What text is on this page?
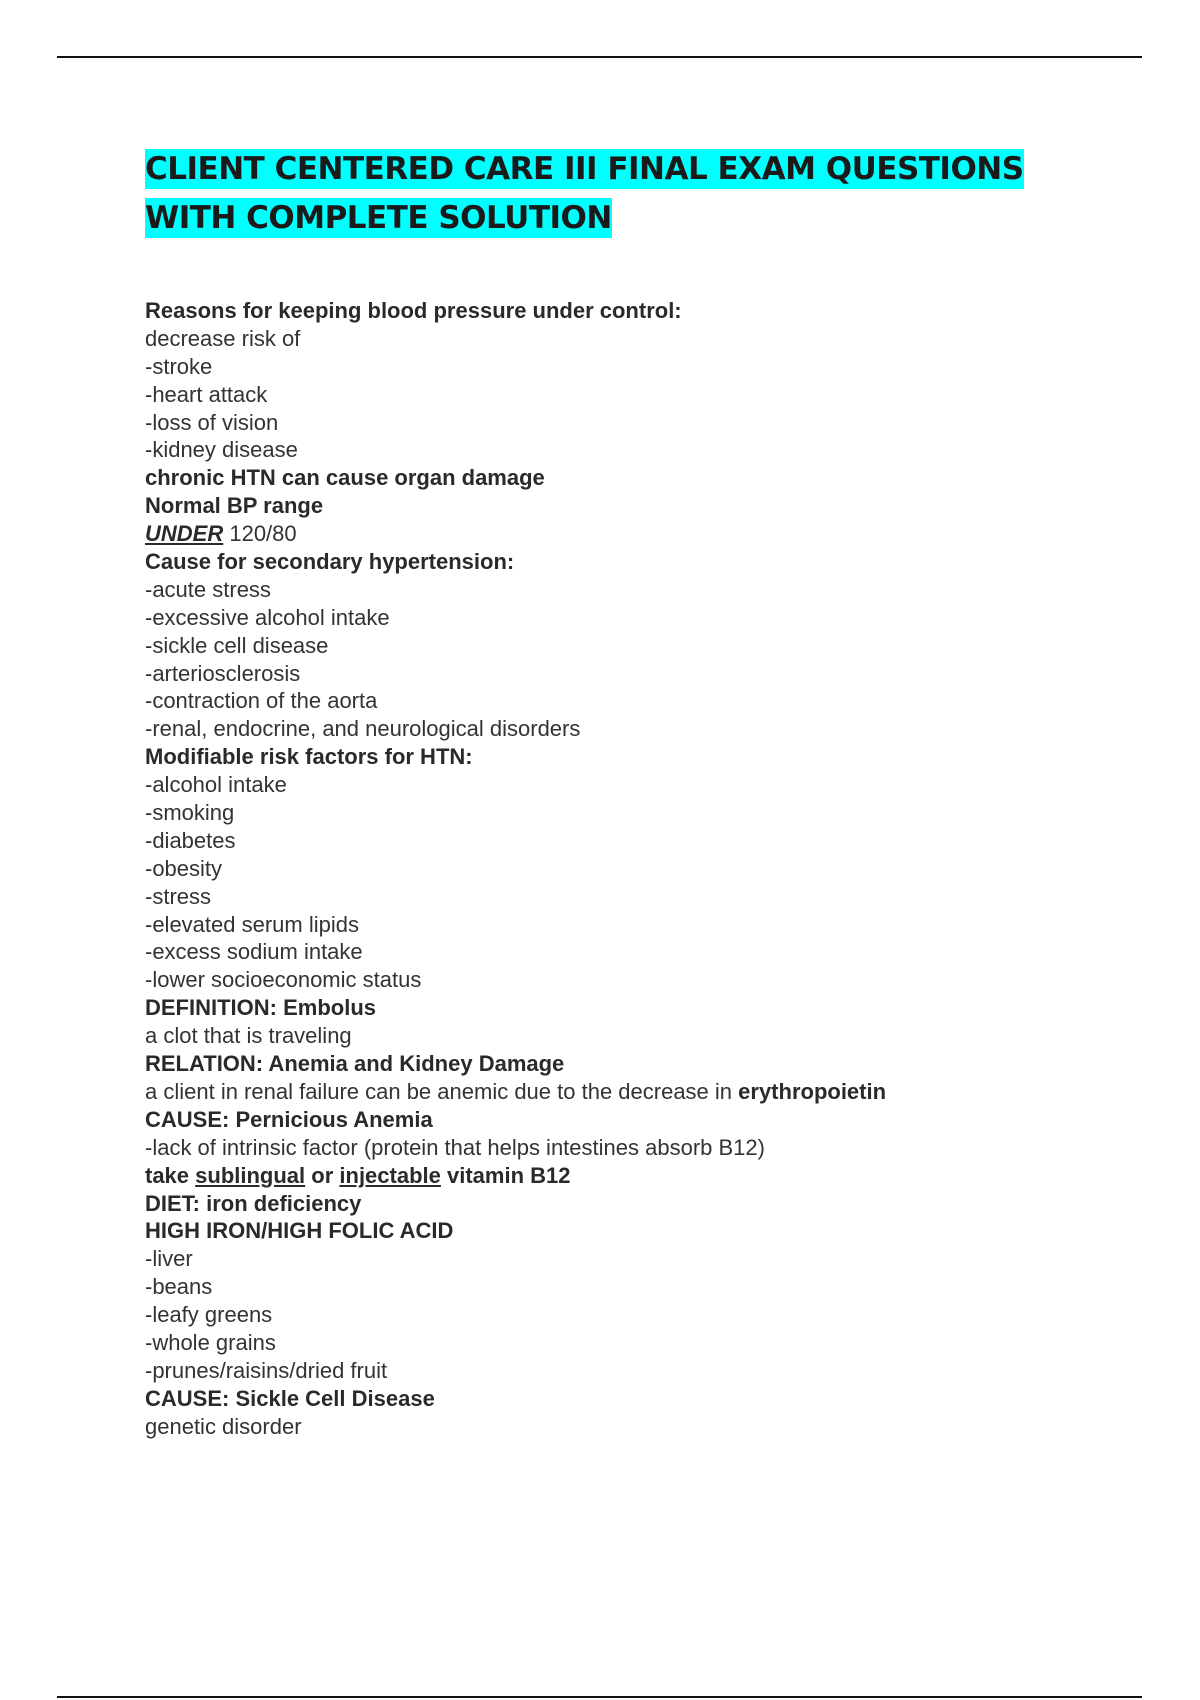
CLIENT CENTERED CARE III FINAL EXAM QUESTIONS
WITH COMPLETE SOLUTION
Reasons for keeping blood pressure under control:
decrease risk of
-stroke
-heart attack
-loss of vision
-kidney disease
chronic HTN can cause organ damage
Normal BP range
UNDER 120/80
Cause for secondary hypertension:
-acute stress
-excessive alcohol intake
-sickle cell disease
-arteriosclerosis
-contraction of the aorta
-renal, endocrine, and neurological disorders
Modifiable risk factors for HTN:
-alcohol intake
-smoking
-diabetes
-obesity
-stress
-elevated serum lipids
-excess sodium intake
-lower socioeconomic status
DEFINITION: Embolus
a clot that is traveling
RELATION: Anemia and Kidney Damage
a client in renal failure can be anemic due to the decrease in erythropoietin
CAUSE: Pernicious Anemia
-lack of intrinsic factor (protein that helps intestines absorb B12)
take sublingual or injectable vitamin B12
DIET: iron deficiency
HIGH IRON/HIGH FOLIC ACID
-liver
-beans
-leafy greens
-whole grains
-prunes/raisins/dried fruit
CAUSE: Sickle Cell Disease
genetic disorder
